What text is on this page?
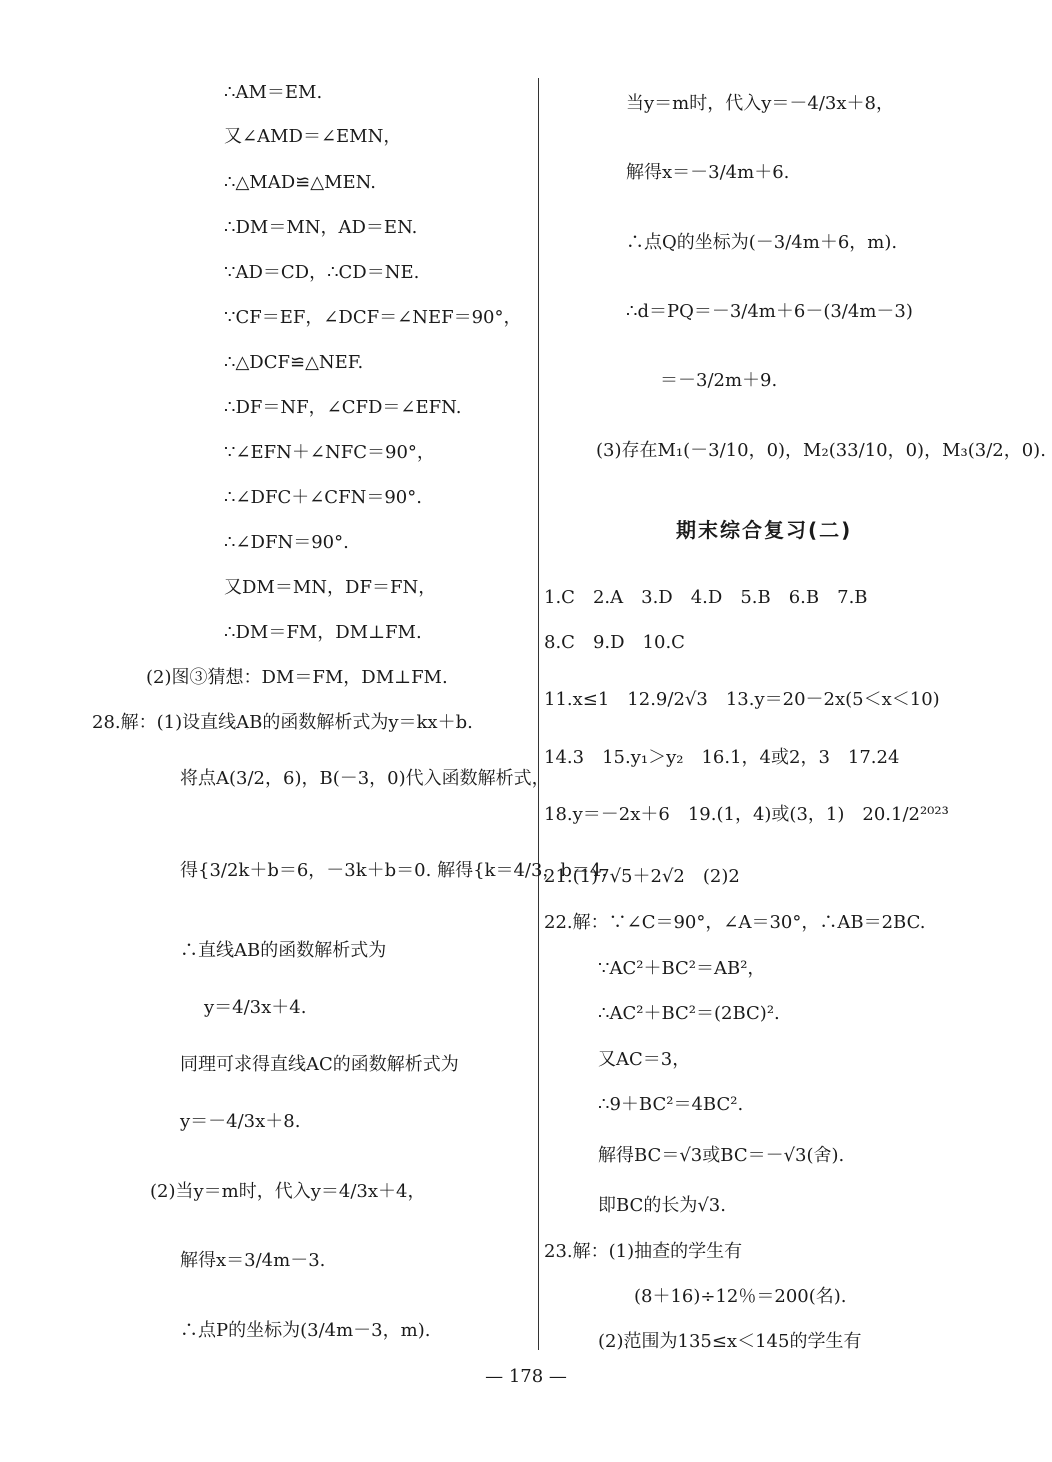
∴AM＝EM.
又∠AMD＝∠EMN，
∴△MAD≌△MEN.
∴DM＝MN，AD＝EN.
∵AD＝CD，∴CD＝NE.
∵CF＝EF，∠DCF＝∠NEF＝90°，
∴△DCF≌△NEF.
∴DF＝NF，∠CFD＝∠EFN.
∵∠EFN＋∠NFC＝90°，
∴∠DFC＋∠CFN＝90°.
∴∠DFN＝90°.
又DM＝MN，DF＝FN，
∴DM＝FM，DM⊥FM.
(2)图③猜想：DM＝FM，DM⊥FM.
28.解：(1)设直线AB的函数解析式为y＝kx＋b.
将点A(3/2，6)，B(－3，0)代入函数解析式，
得{3/2k＋b＝6，－3k＋b＝0. 解得{k＝4/3，b＝4.
∴直线AB的函数解析式为
y＝4/3x＋4.
同理可求得直线AC的函数解析式为
y＝－4/3x＋8.
(2)当y＝m时，代入y＝4/3x＋4，
解得x＝3/4m－3.
∴点P的坐标为(3/4m－3，m).
当y＝m时，代入y＝－4/3x＋8，
解得x＝－3/4m＋6.
∴点Q的坐标为(－3/4m＋6，m).
∴d＝PQ＝－3/4m＋6－(3/4m－3)
＝－3/2m＋9.
(3)存在M₁(－3/10，0)，M₂(33/10，0)，M₃(3/2，0).
期末综合复习(二)
1.C　2.A　3.D　4.D　5.B　6.B　7.B
8.C　9.D　10.C
11.x≤1　12.9/2√3　13.y＝20－2x(5＜x＜10)
14.3　15.y₁＞y₂　16.1，4或2，3　17.24
18.y＝－2x＋6　19.(1，4)或(3，1)　20.1/2²⁰²³
21.(1)7√5＋2√2　(2)2
22.解：∵∠C＝90°，∠A＝30°，∴AB＝2BC.
∵AC²＋BC²＝AB²，
∴AC²＋BC²＝(2BC)².
又AC＝3，
∴9＋BC²＝4BC².
解得BC＝√3或BC＝－√3(舍).
即BC的长为√3.
23.解：(1)抽查的学生有
(8＋16)÷12％＝200(名).
(2)范围为135≤x＜145的学生有
— 178 —
